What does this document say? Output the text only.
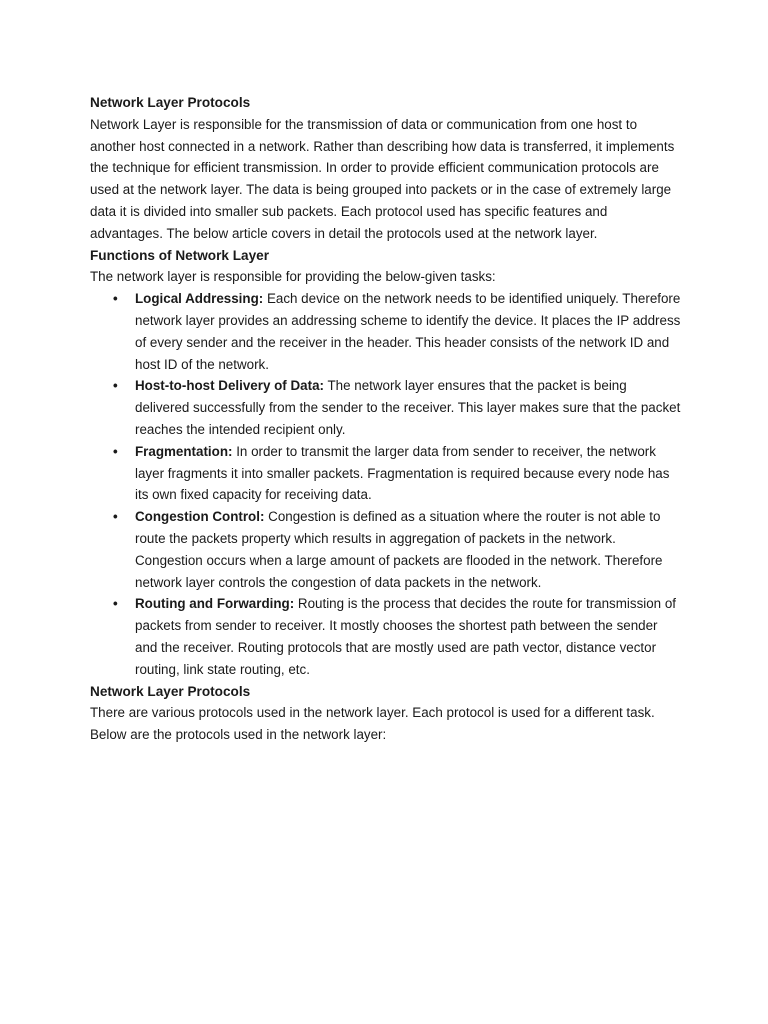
Network Layer Protocols

Network Layer is responsible for the transmission of data or communication from one host to another host connected in a network. Rather than describing how data is transferred, it implements the technique for efficient transmission. In order to provide efficient communication protocols are used at the network layer. The data is being grouped into packets or in the case of extremely large data it is divided into smaller sub packets. Each protocol used has specific features and advantages. The below article covers in detail the protocols used at the network layer.

Functions of Network Layer

The network layer is responsible for providing the below-given tasks:

• Logical Addressing: Each device on the network needs to be identified uniquely. Therefore network layer provides an addressing scheme to identify the device. It places the IP address of every sender and the receiver in the header. This header consists of the network ID and host ID of the network.
• Host-to-host Delivery of Data: The network layer ensures that the packet is being delivered successfully from the sender to the receiver. This layer makes sure that the packet reaches the intended recipient only.
• Fragmentation: In order to transmit the larger data from sender to receiver, the network layer fragments it into smaller packets. Fragmentation is required because every node has its own fixed capacity for receiving data.
• Congestion Control: Congestion is defined as a situation where the router is not able to route the packets property which results in aggregation of packets in the network. Congestion occurs when a large amount of packets are flooded in the network. Therefore network layer controls the congestion of data packets in the network.
• Routing and Forwarding: Routing is the process that decides the route for transmission of packets from sender to receiver. It mostly chooses the shortest path between the sender and the receiver. Routing protocols that are mostly used are path vector, distance vector routing, link state routing, etc.

Network Layer Protocols

There are various protocols used in the network layer. Each protocol is used for a different task. Below are the protocols used in the network layer:
